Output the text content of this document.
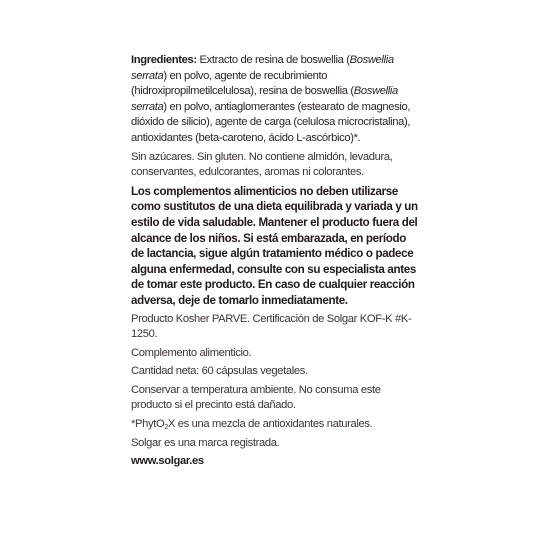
Ingredientes: Extracto de resina de boswellia (Boswellia serrata) en polvo, agente de recubrimiento (hidroxipropilmetilcelulosa), resina de boswellia (Boswellia serrata) en polvo, antiaglomerantes (estearato de magnesio, dióxido de silicio), agente de carga (celulosa microcristalina), antioxidantes (beta-caroteno, ácido L-ascórbico)*.

Sin azúcares. Sin gluten. No contiene almidón, levadura, conservantes, edulcorantes, aromas ni colorantes.

Los complementos alimenticios no deben utilizarse como sustitutos de una dieta equilibrada y variada y un estilo de vida saludable. Mantener el producto fuera del alcance de los niños. Si está embarazada, en período de lactancia, sigue algún tratamiento médico o padece alguna enfermedad, consulte con su especialista antes de tomar este producto. En caso de cualquier reacción adversa, deje de tomarlo inmediatamente.

Producto Kosher PARVE. Certificación de Solgar KOF-K #K-1250.

Complemento alimenticio.

Cantidad neta: 60 cápsulas vegetales.

Conservar a temperatura ambiente. No consuma este producto si el precinto está dañado.

*PhytO$_2$X es una mezcla de antioxidantes naturales.

Solgar es una marca registrada.

www.solgar.es
